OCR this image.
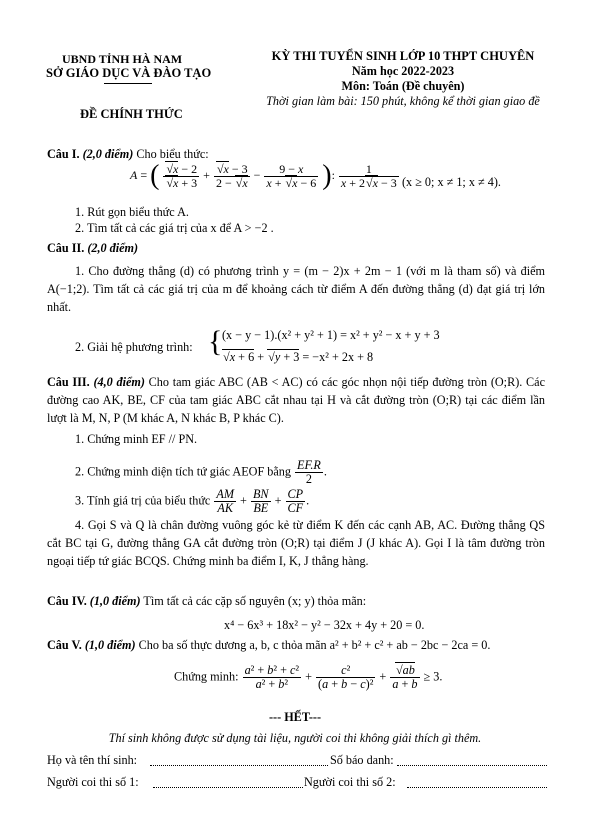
UBND TỈNH HÀ NAM
SỞ GIÁO DỤC VÀ ĐÀO TẠO
ĐỀ CHÍNH THỨC
KỲ THI TUYỂN SINH LỚP 10 THPT CHUYÊN
Năm học 2022-2023
Môn: Toán (Đề chuyên)
Thời gian làm bài: 150 phút, không kể thời gian giao đề
Câu I. (2,0 điểm) Cho biểu thức:
A = ( $\frac{√x - 2}{√x + 3} + \frac{√x - 3}{2 - √x} - \frac{9 - x}{x + √x - 6}$ ): $\frac{1}{x + 2√x - 3} (x \ge 0$; x ≠ 1; x ≠ 4).
1. Rút gọn biểu thức A.
2. Tìm tất cả các giá trị của x để A > −2 .
Câu II. (2,0 điểm)
1. Cho đường thẳng (d) có phương trình y = (m − 2)x + 2m − 1 (với m là tham số) và điểm A(−1;2). Tìm tất cả các giá trị của m để khoảng cách từ điểm A đến đường thẳng (d) đạt giá trị lớn nhất.
2. Giải hệ phương trình: { (x − y − 1).(x² + y² + 1) = x² + y² − x + y + 3
√x + 6 + √y + 3 = −x² + 2x + 8
Câu III. (4,0 điểm) Cho tam giác ABC (AB < AC) có các góc nhọn nội tiếp đường tròn (O;R). Các đường cao AK, BE, CF của tam giác ABC cắt nhau tại H và cắt đường tròn (O;R) tại các điểm lần lượt là M, N, P (M khác A, N khác B, P khác C).
1. Chứng minh EF // PN.
2. Chứng minh diện tích tứ giác AEOF bằng $\frac{EF.R}{2}$ .
3. Tính giá trị của biểu thức $\frac{AM}{AK} + \frac{BN}{BE} + \frac{CP}{CF}$ .
4. Gọi S và Q là chân đường vuông góc kẻ từ điểm K đến các cạnh AB, AC. Đường thẳng QS cắt BC tại G, đường thẳng GA cắt đường tròn (O;R) tại điểm J (J khác A). Gọi I là tâm đường tròn ngoại tiếp tứ giác BCQS. Chứng minh ba điểm I, K, J thẳng hàng.
Câu IV. (1,0 điểm) Tìm tất cả các cặp số nguyên (x; y) thỏa mãn:
x⁴ − 6x³ + 18x² − y² − 32x + 4y + 20 = 0.
Câu V. (1,0 điểm) Cho ba số thực dương a, b, c thỏa mãn a² + b² + c² + ab − 2bc − 2ca = 0.
Chứng minh: $\frac{\text{a² + b² + c²}}{\text{a² + b²}} + \frac{\text{c²}}{\text{(a + b − c)²}} + \frac{√ab}{a + b} \ge 3$.
--- HẾT---
Thí sinh không được sử dụng tài liệu, người coi thi không giải thích gì thêm.
Họ và tên thí sinh:	Số báo danh:
Người coi thi số 1:	Người coi thi số 2:
